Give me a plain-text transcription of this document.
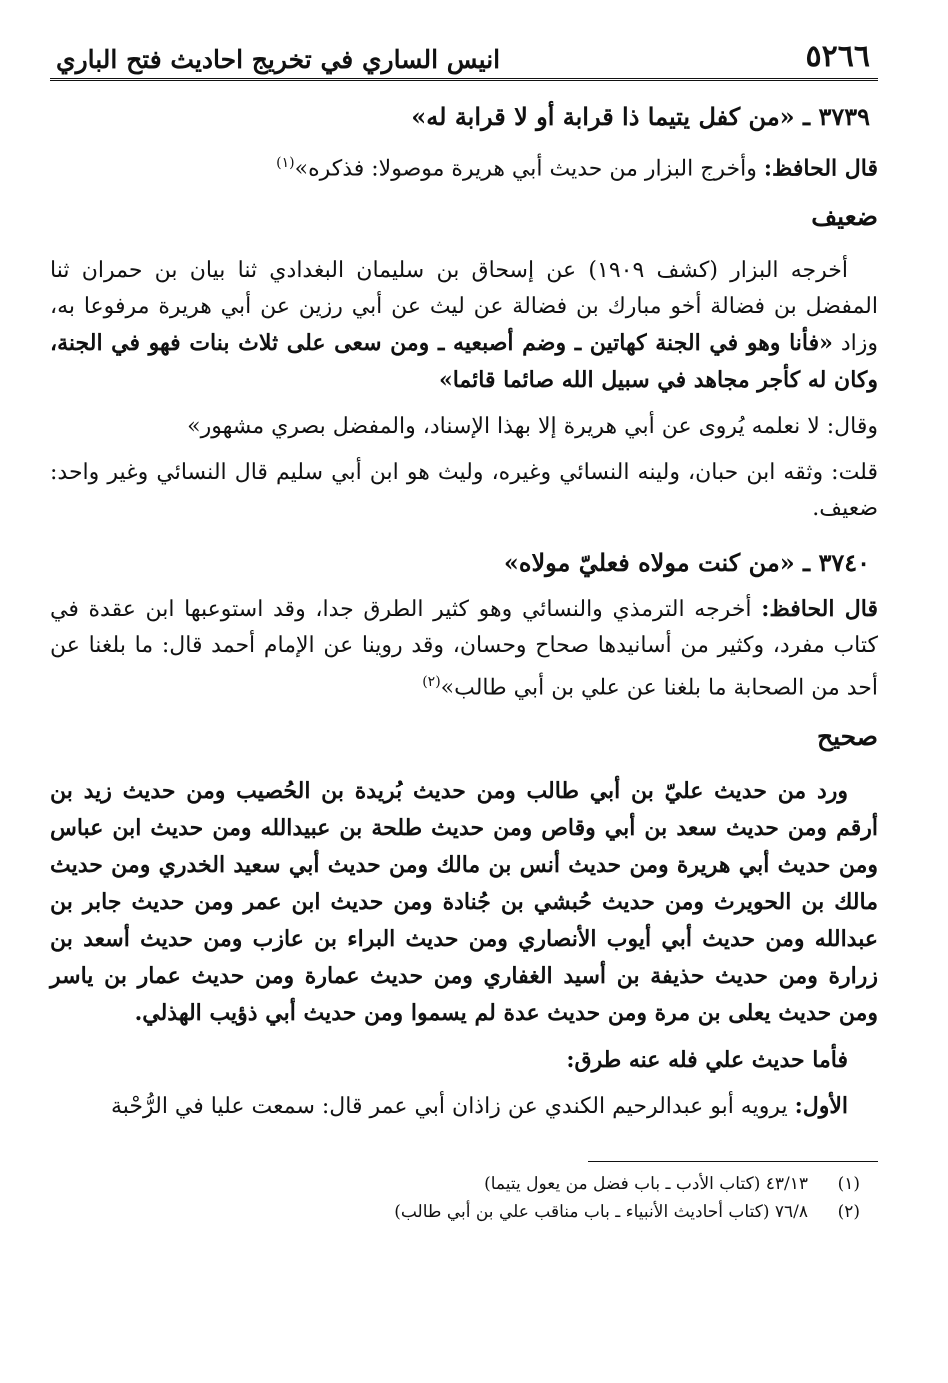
٥٢٦٦
انيس الساري في تخريج احاديث فتح الباري
٣٧٣٩ ـ «من كفل يتيما ذا قرابة أو لا قرابة له»
قال الحافظ: وأخرج البزار من حديث أبي هريرة موصولا: فذكره»$^{(١)}$
ضعيف
أخرجه البزار (كشف ١٩٠٩) عن إسحاق بن سليمان البغدادي ثنا بيان بن حمران ثنا المفضل بن فضالة أخو مبارك بن فضالة عن ليث عن أبي رزين عن أبي هريرة مرفوعا به، وزاد «فأنا وهو في الجنة كهاتين ـ وضم أصبعيه ـ ومن سعى على ثلاث بنات فهو في الجنة، وكان له كأجر مجاهد في سبيل الله صائما قائما»
وقال: لا نعلمه يُروى عن أبي هريرة إلا بهذا الإسناد، والمفضل بصري مشهور»
قلت: وثقه ابن حبان، ولينه النسائي وغيره، وليث هو ابن أبي سليم قال النسائي وغير واحد: ضعيف.
٣٧٤٠ ـ «من كنت مولاه فعليّ مولاه»
قال الحافظ: أخرجه الترمذي والنسائي وهو كثير الطرق جدا، وقد استوعبها ابن عقدة في كتاب مفرد، وكثير من أسانيدها صحاح وحسان، وقد روينا عن الإمام أحمد قال: ما بلغنا عن أحد من الصحابة ما بلغنا عن علي بن أبي طالب»$^{(٢)}$
صحيح
ورد من حديث عليّ بن أبي طالب ومن حديث بُريدة بن الحُصيب ومن حديث زيد بن أرقم ومن حديث سعد بن أبي وقاص ومن حديث طلحة بن عبيدالله ومن حديث ابن عباس ومن حديث أبي هريرة ومن حديث أنس بن مالك ومن حديث أبي سعيد الخدري ومن حديث مالك بن الحويرث ومن حديث حُبشي بن جُنادة ومن حديث ابن عمر ومن حديث جابر بن عبدالله ومن حديث أبي أيوب الأنصاري ومن حديث البراء بن عازب ومن حديث أسعد بن زرارة ومن حديث حذيفة بن أسيد الغفاري ومن حديث عمارة ومن حديث عمار بن ياسر ومن حديث يعلى بن مرة ومن حديث عدة لم يسموا ومن حديث أبي ذؤيب الهذلي.
فأما حديث علي فله عنه طرق:
الأول: يرويه أبو عبدالرحيم الكندي عن زاذان أبي عمر قال: سمعت عليا في الرُّحْبة
(١)٤٣/١٣ (كتاب الأدب ـ باب فضل من يعول يتيما)
(٢)٧٦/٨ (كتاب أحاديث الأنبياء ـ باب مناقب علي بن أبي طالب)
